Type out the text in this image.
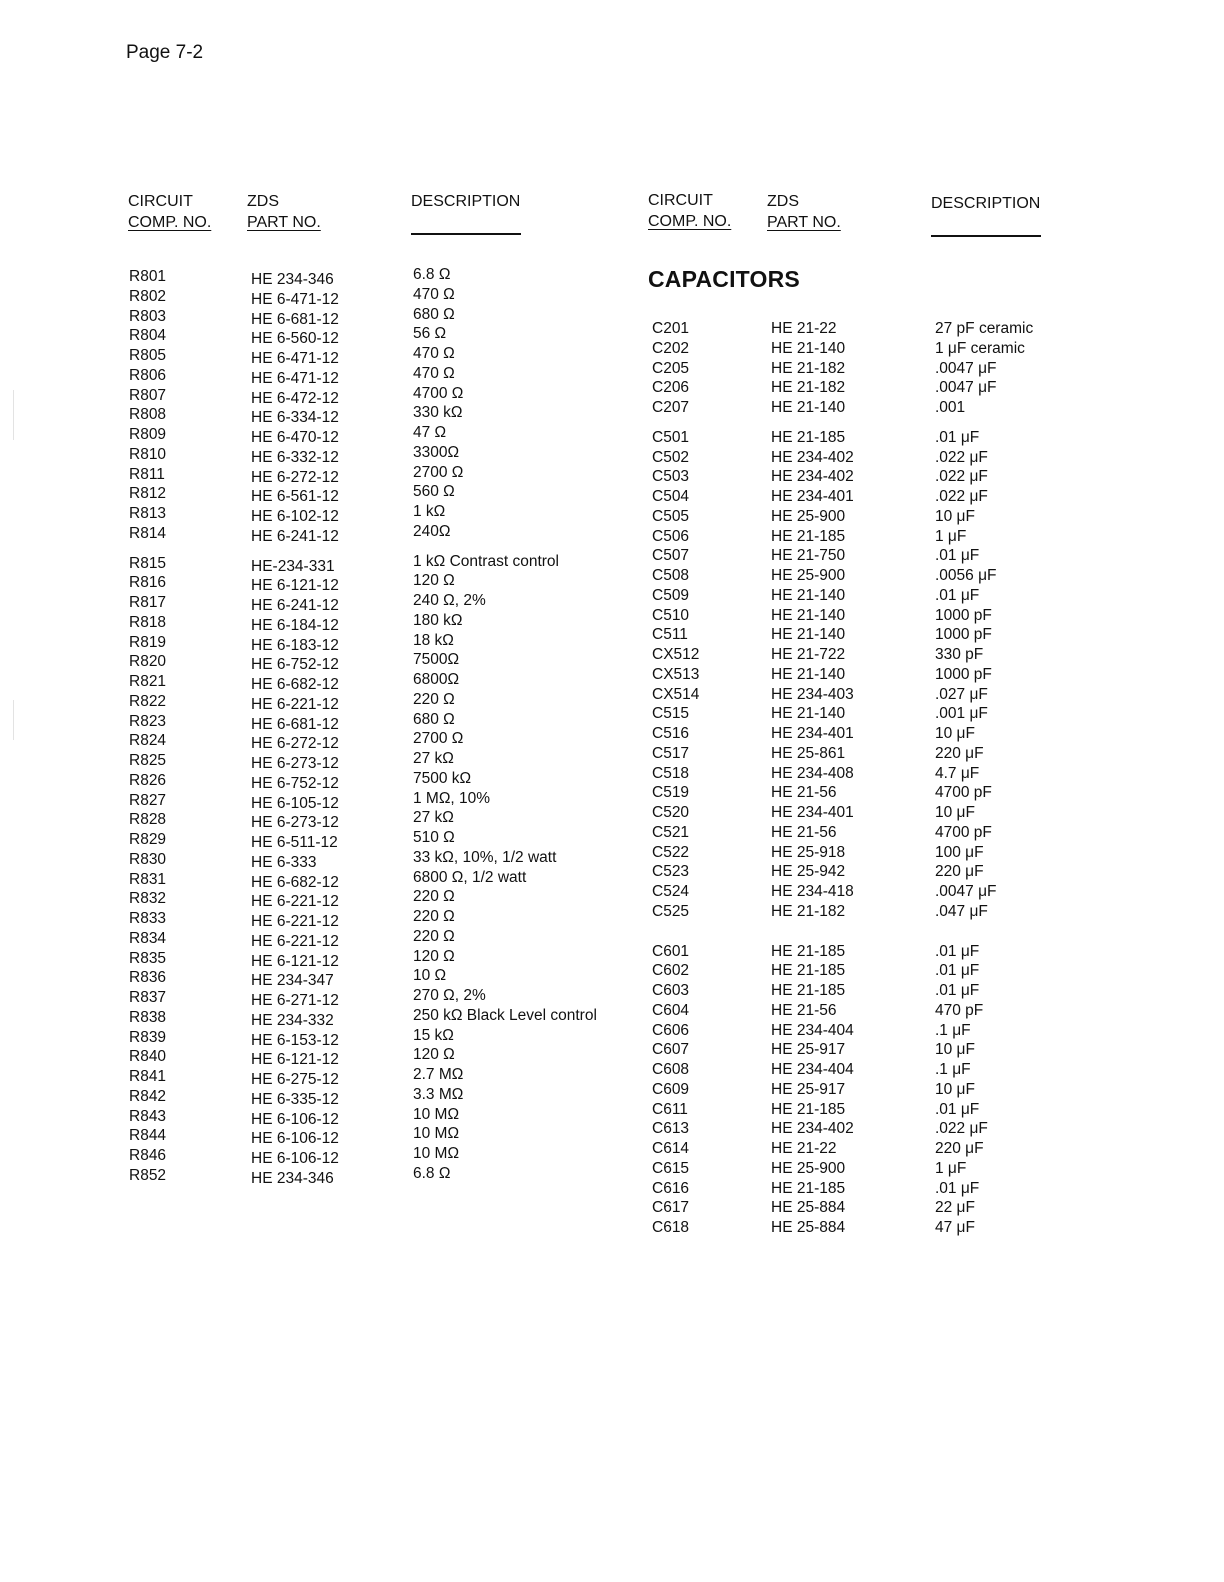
Page 7-2
CIRCUIT
COMP. NO.
ZDS
PART NO.
DESCRIPTION	CIRCUIT
COMP. NO.
ZDS
PART NO.
DESCRIPTION
CAPACITORS
R801
R802
R803
R804
R805
R806
R807
R808
R809
R810
R811
R812
R813
R814
R815
R816
R817
R818
R819
R820
R821
R822
R823
R824
R825
R826
R827
R828
R829
R830
R831
R832
R833
R834
R835
R836
R837
R838
R839
R840
R841
R842
R843
R844
R846
R852
HE 234-346
HE 6-471-12
HE 6-681-12
HE 6-560-12
HE 6-471-12
HE 6-471-12
HE 6-472-12
HE 6-334-12
HE 6-470-12
HE 6-332-12
HE 6-272-12
HE 6-561-12
HE 6-102-12
HE 6-241-12
HE-234-331
HE 6-121-12
HE 6-241-12
HE 6-184-12
HE 6-183-12
HE 6-752-12
HE 6-682-12
HE 6-221-12
HE 6-681-12
HE 6-272-12
HE 6-273-12
HE 6-752-12
HE 6-105-12
HE 6-273-12
HE 6-511-12
HE 6-333
HE 6-682-12
HE 6-221-12
HE 6-221-12
HE 6-221-12
HE 6-121-12
HE 234-347
HE 6-271-12
HE 234-332
HE 6-153-12
HE 6-121-12
HE 6-275-12
HE 6-335-12
HE 6-106-12
HE 6-106-12
HE 6-106-12
HE 234-346
6.8 Ω
470 Ω
680 Ω
56 Ω
470 Ω
470 Ω
4700 Ω
330 kΩ
47 Ω
3300Ω
2700 Ω
560 Ω
1 kΩ
240Ω
1 kΩ Contrast control
120 Ω
240 Ω, 2%
180 kΩ
18 kΩ
7500Ω
6800Ω
220 Ω
680 Ω
2700 Ω
27 kΩ
7500 kΩ
1 MΩ, 10%
27 kΩ
510 Ω
33 kΩ, 10%, 1/2 watt
6800 Ω, 1/2 watt
220 Ω
220 Ω
220 Ω
120 Ω
10 Ω
270 Ω, 2%
250 kΩ Black Level control
15 kΩ
120 Ω
2.7 MΩ
3.3 MΩ
10 MΩ
10 MΩ
10 MΩ
6.8 Ω
C201
C202
C205
C206
C207
C501
C502
C503
C504
C505
C506
C507
C508
C509
C510
C511
CX512
CX513
CX514
C515
C516
C517
C518
C519
C520
C521
C522
C523
C524
C525
C601
C602
C603
C604
C606
C607
C608
C609
C611
C613
C614
C615
C616
C617
C618
HE 21-22
HE 21-140
HE 21-182
HE 21-182
HE 21-140
HE 21-185
HE 234-402
HE 234-402
HE 234-401
HE 25-900
HE 21-185
HE 21-750
HE 25-900
HE 21-140
HE 21-140
HE 21-140
HE 21-722
HE 21-140
HE 234-403
HE 21-140
HE 234-401
HE 25-861
HE 234-408
HE 21-56
HE 234-401
HE 21-56
HE 25-918
HE 25-942
HE 234-418
HE 21-182
HE 21-185
HE 21-185
HE 21-185
HE 21-56
HE 234-404
HE 25-917
HE 234-404
HE 25-917
HE 21-185
HE 234-402
HE 21-22
HE 25-900
HE 21-185
HE 25-884
HE 25-884
27 pF ceramic
1 μF ceramic
.0047 μF
.0047 μF
.001
.01 μF
.022 μF
.022 μF
.022 μF
10 μF
1 μF
.01 μF
.0056 μF
.01 μF
1000 pF
1000 pF
330 pF
1000 pF
.027 μF
.001 μF
10 μF
220 μF
4.7 μF
4700 pF
10 μF
4700 pF
100 μF
220 μF
.0047 μF
.047 μF
.01 μF
.01 μF
.01 μF
470 pF
.1 μF
10 μF
.1 μF
10 μF
.01 μF
.022 μF
220 μF
1 μF
.01 μF
22 μF
47 μF
